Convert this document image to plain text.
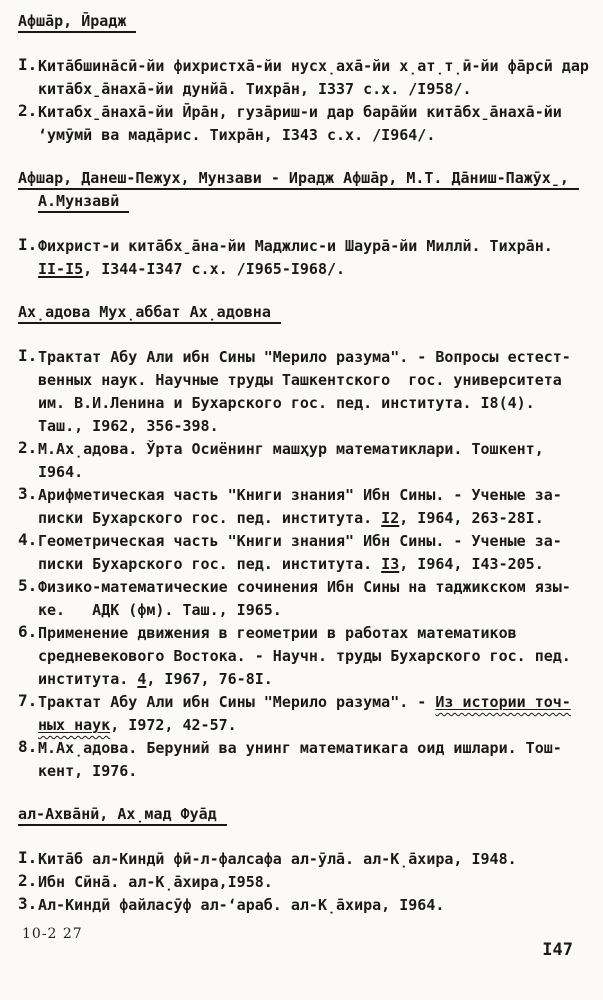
Афша̄р, Ӣрадж
I. Кита̄бшина̄сӣ-йи фихристха̄-йи нусх̣аха̄-йи х̣ат̣т̣ӣ-йи фа̄рсӣ дар
кита̄бх̱а̄наха̄-йи дунйа̄. Тихра̄н, I337 с.х. /I958/.
2. Китабх̱а̄наха̄-йи Ӣра̄н, гуза̄риш-и дар бара̄йи кита̄бх̱а̄наха̄-йи
ʻумӯмӣ ва мада̄рис. Тихра̄н, I343 с.х. /I964/.
Афшар, Данеш-Пежух, Мунзави - Ирадж Афша̄р, М.Т. Да̄ниш-Пажӯх̱,
А.Мунзавӣ
I. Фихрист-и кита̄бх̱а̄на-йи Маджлис-и Шаура̄-йи Миллй. Тихра̄н.
II-I5, I344-I347 с.х. /I965-I968/.
Ах̣адова Мух̣аббат Ах̣адовна
I. Трактат Абу Али ибн Сины "Мерило разума". - Вопросы естест-
венных наук. Научные труды Ташкентского  гос. университета
им. В.И.Ленина и Бухарского гос. пед. института. I8(4).
Таш., I962, 356-398.
2. М.Ах̣адова. Ўрта Осиёнинг машҳур математиклари. Тошкент,
I964.
3. Арифметическая часть "Книги знания" Ибн Сины. - Ученые за-
писки Бухарского гос. пед. института. I2, I964, 263-28I.
4. Геометрическая часть "Книги знания" Ибн Сины. - Ученые за-
писки Бухарского гос. пед. института. I3, I964, I43-205.
5. Физико-математические сочинения Ибн Сины на таджикском язы-
ке.   АДК (фм). Таш., I965.
6. Применение движения в геометрии в работах математиков
средневекового Востока. - Научн. труды Бухарского гос. пед.
института. 4, I967, 76-8I.
7. Трактат Абу Али ибн Сины "Мерило разума". - Из истории точ-
ных наук, I972, 42-57.
8. М.Ах̣адова. Беруний ва унинг математикага оид ишлари. Тош-
кент, I976.
ал-Ахва̄нӣ, Ах̣мад Фуа̄д
I. Кита̄б ал-Киндӣ фӣ-л-фалсафа ал-ӯла̄. ал-К̣а̄хира, I948.
2. Ибн Сӣна̄. ал-К̣а̄хира,I958.
3. Ал-Киндӣ файласӯф ал-ʻараб. ал-К̣а̄хира, I964.
10-2 27
I47
